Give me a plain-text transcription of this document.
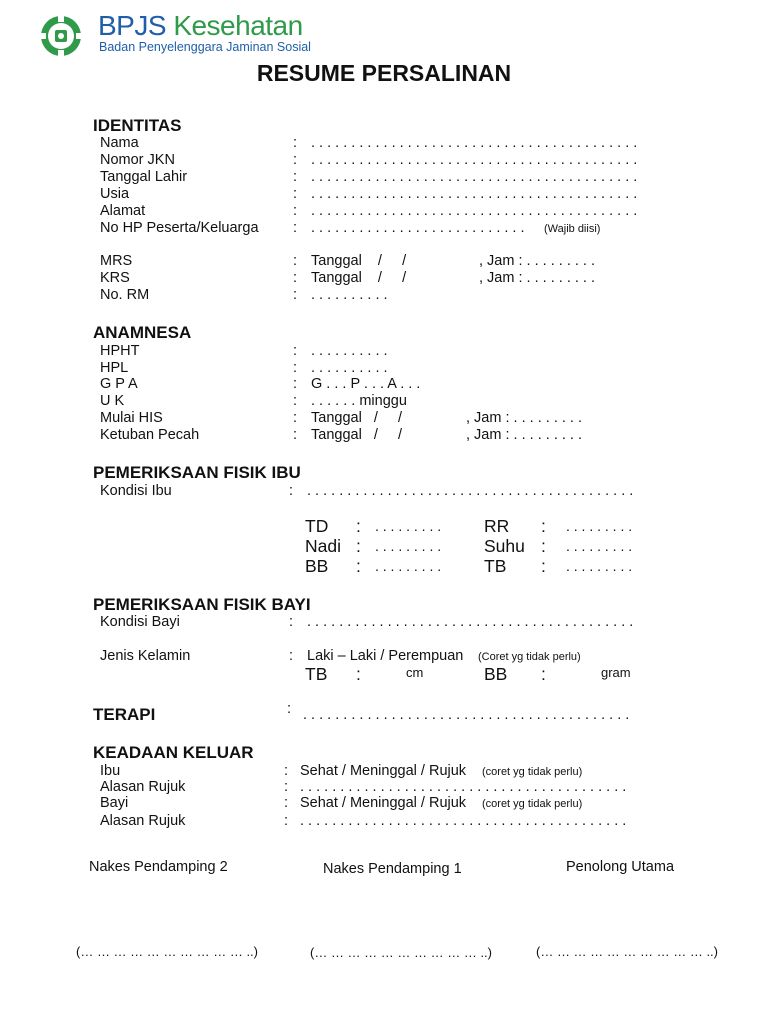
BPJS Kesehatan
Badan Penyelenggara Jaminan Sosial
RESUME PERSALINAN
IDENTITAS
Nama	: . . . . . . . . . . . . . . . . . . . . . . . . . . . . . . . . . . . . . . . . .
Nomor JKN	: . . . . . . . . . . . . . . . . . . . . . . . . . . . . . . . . . . . . . . . . .
Tanggal Lahir	: . . . . . . . . . . . . . . . . . . . . . . . . . . . . . . . . . . . . . . . . .
Usia	: . . . . . . . . . . . . . . . . . . . . . . . . . . . . . . . . . . . . . . . . .
Alamat	: . . . . . . . . . . . . . . . . . . . . . . . . . . . . . . . . . . . . . . . . .
No HP Peserta/Keluarga : . . . . . . . . . . . . . . . . . . . . . . . . . . . (Wajib diisi)
MRS	: Tanggal    /     /	, Jam : . . . . . . . . .
KRS	: Tanggal    /     /	, Jam : . . . . . . . . .
No. RM	: . . . . . . . . . .
ANAMNESA
HPHT	: . . . . . . . . . .
HPL	: . . . . . . . . . .
G P A	: G . . . P . . . A . . .
U K	: . . . . . . minggu
Mulai HIS	: Tanggal   /     /	, Jam : . . . . . . . . .
Ketuban Pecah	: Tanggal   /     /	, Jam : . . . . . . . . .
PEMERIKSAAN FISIK IBU
Kondisi Ibu	: . . . . . . . . . . . . . . . . . . . . . . . . . . . . . . . . . . . . . . . . .
TD : . . . . . . . . . RR : . . . . . . . . .
Nadi : . . . . . . . . . Suhu : . . . . . . . . .
BB : . . . . . . . . . TB : . . . . . . . . .
PEMERIKSAAN FISIK BAYI
Kondisi Bayi	: . . . . . . . . . . . . . . . . . . . . . . . . . . . . . . . . . . . . . . . . .
Jenis Kelamin	: Laki – Laki / Perempuan (Coret yg tidak perlu)
TB :	cm	BB :	gram
TERAPI	: . . . . . . . . . . . . . . . . . . . . . . . . . . . . . . . . . . . . . . . . .
KEADAAN KELUAR
Ibu	: Sehat / Meninggal / Rujuk (coret yg tidak perlu)
Alasan Rujuk	: . . . . . . . . . . . . . . . . . . . . . . . . . . . . . . . . . . . . . . . . .
Bayi	: Sehat / Meninggal / Rujuk (coret yg tidak perlu)
Alasan Rujuk	: . . . . . . . . . . . . . . . . . . . . . . . . . . . . . . . . . . . . . . . . .
Nakes Pendamping 2	Nakes Pendamping 1	Penolong Utama
(… … … … … … … … … … ..)	(… … … … … … … … … … ..)	(… … … … … … … … … … ..)
